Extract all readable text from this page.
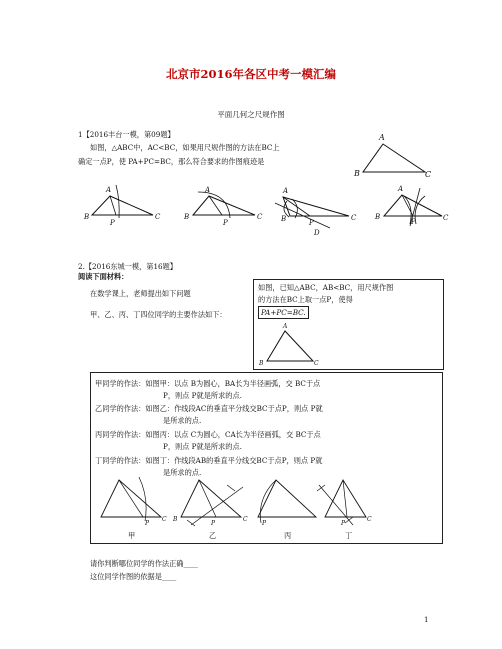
北京市2016年各区中考一模汇编
平面几何之尺规作图
1【2016丰台一模，第09题】
如图，△ABC中，AC<BC，如果用尺规作图的方法在BC上
确定一点P，使 PA+PC=BC，那么符合要求的作图痕迹是
A
B	C
A
B	C
P
A
B	C
P
A
B	C
P
D
A
B	C
P
2.【2016东城一模，第16题】
阅读下面材料：
在数学课上，老师提出如下问题
甲、乙、丙、丁四位同学的主要作法如下：
如图，已知△ABC，AB<BC，用尺规作图
的方法在BC上取一点P，使得
PA+PC=BC.
A
B	C
甲同学的作法：如图甲：以点 B为圆心，BA长为半径画弧，交 BC于点
P，则点 P就是所求的点.
乙同学的作法：如图乙：作线段AC的垂直平分线交BC于点P，则点 P就
是所求的点.
丙同学的作法：如图丙：以点 C为圆心，CA长为半径画弧，交 BC于点
P，则点 P就是所求的点.
丁同学的作法：如图丁：作线段AB的垂直平分线交BC于点P，则点 P就
是所求的点.
P
C B
P
C
P	P
C
甲	乙	丙	丁
请你判断哪位同学的作法正确____
这位同学作图的依据是____
1
